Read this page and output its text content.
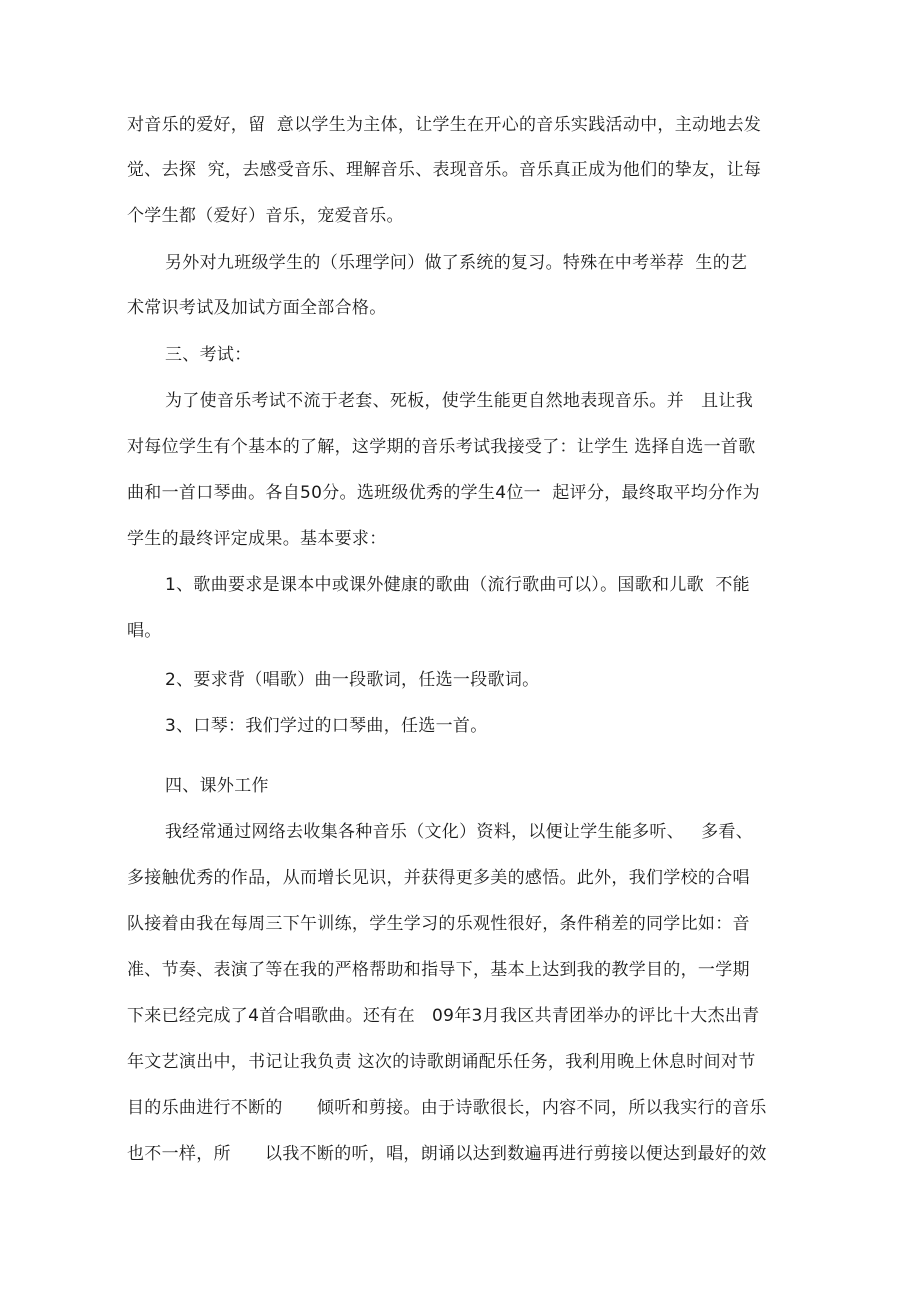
对音乐的爱好，留  意以学生为主体，让学生在开心的音乐实践活动中，主动地去发
觉、去探  究，去感受音乐、理解音乐、表现音乐。音乐真正成为他们的挚友，让每
个学生都（爱好）音乐，宠爱音乐。
另外对九班级学生的（乐理学问）做了系统的复习。特殊在中考举荐  生的艺
术常识考试及加试方面全部合格。
三、考试：
为了使音乐考试不流于老套、死板，使学生能更自然地表现音乐。并   且让我
对每位学生有个基本的了解，这学期的音乐考试我接受了：让学生 选择自选一首歌
曲和一首口琴曲。各自50分。选班级优秀的学生4位一  起评分，最终取平均分作为
学生的最终评定成果。基本要求：
1、歌曲要求是课本中或课外健康的歌曲（流行歌曲可以）。国歌和儿歌  不能
唱。
2、要求背（唱歌）曲一段歌词，任选一段歌词。
3、口琴：我们学过的口琴曲，任选一首。
四、课外工作
我经常通过网络去收集各种音乐（文化）资料，以便让学生能多听、   多看、
多接触优秀的作品，从而增长见识，并获得更多美的感悟。此外，我们学校的合唱
队接着由我在每周三下午训练，学生学习的乐观性很好，条件稍差的同学比如：音
准、节奏、表演了等在我的严格帮助和指导下，基本上达到我的教学目的，一学期
下来已经完成了4首合唱歌曲。还有在   09年3月我区共青团举办的评比十大杰出青
年文艺演出中，书记让我负责 这次的诗歌朗诵配乐任务，我利用晚上休息时间对节
目的乐曲进行不断的      倾听和剪接。由于诗歌很长，内容不同，所以我实行的音乐
也不一样，所      以我不断的听，唱，朗诵以达到数遍再进行剪接以便达到最好的效
